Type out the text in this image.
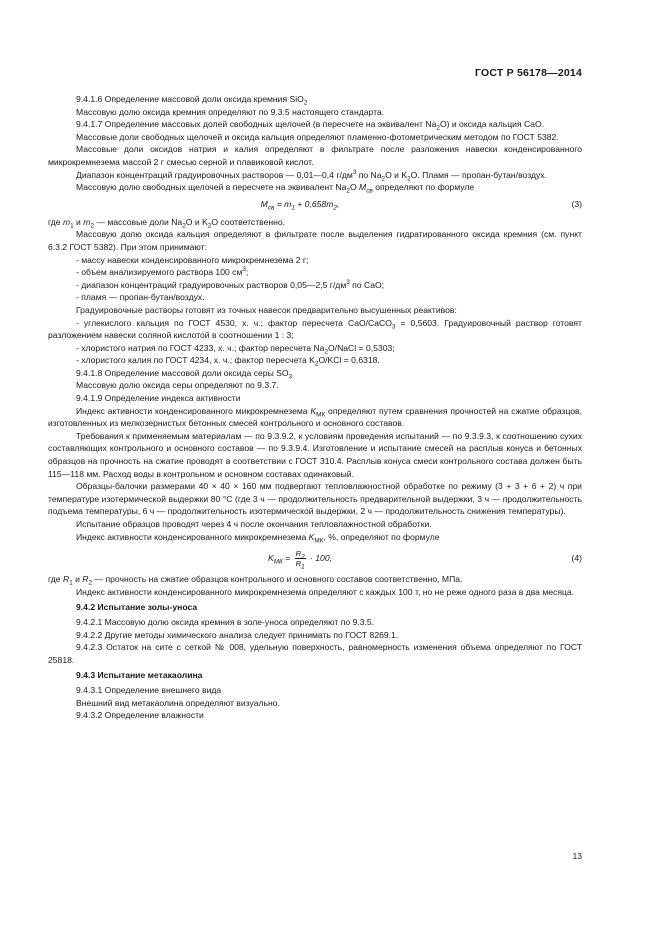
ГОСТ Р 56178—2014

9.4.1.6 Определение массовой доли оксида кремния SiO$_2$

Массовую долю оксида кремния определяют по 9.3.5 настоящего стандарта.

9.4.1.7 Определение массовых долей свободных щелочей (в пересчете на эквивалент $Na_2O$) и оксида кальция CaO.

Массовые доли свободных щелочей и оксида кальция определяют пламенно-фотометрическим методом по ГОСТ 5382.

Массовые доли оксидов натрия и калия определяют в фильтрате после разложения навески конденсированного микрокремнезема массой 2 г смесью серной и плавиковой кислот.

Диапазон концентраций градуировочных растворов — 0,01—0,4 $г/дм^3$ по $Na_2O$ и $K_2O$. Пламя — пропан-бутан/воздух.

Массовую долю свободных щелочей в пересчете на эквивалент $Na_2O$ $M_{св}$ определяют по формуле

$M_{св} = m_1 + 0,658m_2$,	(3)

где $m_1$ и $m_2$ — массовые доли $Na_2O$ и $K_2O$ соответственно.

Массовую долю оксида кальция определяют в фильтрате после выделения гидратированного оксида кремния (см. пункт 6.3.2 ГОСТ 5382). При этом принимают:

- массу навески конденсированного микрокремнезема 2 г;

- объем анализируемого раствора 100 $см^3$;

- диапазон концентраций градуировочных растворов 0,05—2,5 $г/дм^3$ по CaO;

- пламя — пропан-бутан/воздух.

Градуировочные растворы готовят из точных навесок предварительно высушенных реактивов:

- углекислого кальция по ГОСТ 4530, х. ч.; фактор пересчета CaO/CaCO$_3$ = 0,5603. Градуировочный раствор готовят разложением навески соляной кислотой в соотношении 1 : 3;

- хлористого натрия по ГОСТ 4233, х. ч.; фактор пересчета $Na_2O$/NaCl = 0,5303;

- хлористого калия по ГОСТ 4234, х. ч.; фактор пересчета $K_2O$/KCl = 0,6318.

9.4.1.8 Определение массовой доли оксида серы $SO_3$

Массовую долю оксида серы определяют по 9.3.7.

9.4.1.9 Определение индекса активности

Индекс активности конденсированного микрокремнезема $K_{МК}$ определяют путем сравнения прочностей на сжатие образцов, изготовленных из мелкозернистых бетонных смесей контрольного и основного составов.

Требования к применяемым материалам — по 9.3.9.2, к условиям проведения испытаний — по 9.3.9.3, к соотношению сухих составляющих контрольного и основного составов — по 9.3.9.4. Изготовление и испытание смесей на расплыв конуса и бетонных образцов на прочность на сжатие проводят в соответствии с ГОСТ 310.4. Расплыв конуса смеси контрольного состава должен быть 115—118 мм. Расход воды в контрольном и основном составах одинаковый.

Образцы-балочки размерами 40 × 40 × 160 мм подвергают тепловлажностной обработке по режиму (3 + 3 + 6 + 2) ч при температуре изотермической выдержки 80 °С (где 3 ч — продолжительность предварительной выдержки, 3 ч — продолжительность подъема температуры, 6 ч — продолжительность изотермической выдержки, 2 ч — продолжительность снижения температуры).

Испытание образцов проводят через 4 ч после окончания тепловлажностной обработки.

Индекс активности конденсированного микрокремнезема $K_{МК}$, %, определяют по формуле

$K_{МК} = \frac{R_2}{R_1} \cdot 100$,	(4)

где $R_1$ и $R_2$ — прочность на сжатие образцов контрольного и основного составов соответственно, МПа.

Индекс активности конденсированного микрокремнезема определяют с каждых 100 т, но не реже одного раза в два месяца.

9.4.2 Испытание золы-уноса

9.4.2.1 Массовую долю оксида кремния в золе-уноса определяют по 9.3.5.

9.4.2.2 Другие методы химического анализа следует принимать по ГОСТ 8269.1.

9.4.2.3 Остаток на сите с сеткой № 008, удельную поверхность, равномерность изменения объема определяют по ГОСТ 25818.

9.4.3 Испытание метакаолина

9.4.3.1 Определение внешнего вида

Внешний вид метакаолина определяют визуально.

9.4.3.2 Определение влажности

13
